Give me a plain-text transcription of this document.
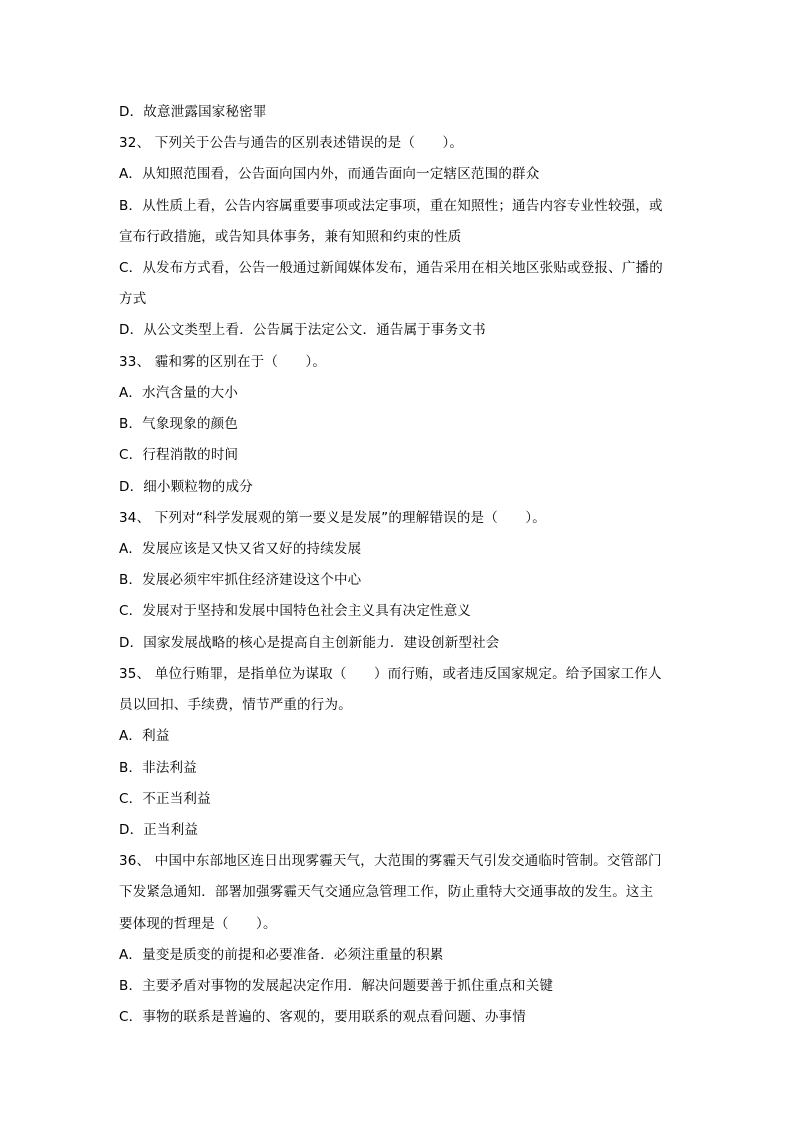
D．故意泄露国家秘密罪
32、 下列关于公告与通告的区别表述错误的是（　　）。
A．从知照范围看，公告面向国内外，而通告面向一定辖区范围的群众
B．从性质上看，公告内容属重要事项或法定事项，重在知照性；通告内容专业性较强，或
宣布行政措施，或告知具体事务，兼有知照和约束的性质
C．从发布方式看，公告一般通过新闻媒体发布，通告采用在相关地区张贴或登报、广播的
方式
D．从公文类型上看．公告属于法定公文．通告属于事务文书
33、 霾和雾的区别在于（　　）。
A．水汽含量的大小
B．气象现象的颜色
C．行程消散的时间
D．细小颗粒物的成分
34、 下列对“科学发展观的第一要义是发展”的理解错误的是（　　）。
A．发展应该是又快又省又好的持续发展
B．发展必须牢牢抓住经济建设这个中心
C．发展对于坚持和发展中国特色社会主义具有决定性意义
D．国家发展战略的核心是提高自主创新能力．建设创新型社会
35、 单位行贿罪，是指单位为谋取（　　）而行贿，或者违反国家规定。给予国家工作人
员以回扣、手续费，情节严重的行为。
A．利益
B．非法利益
C．不正当利益
D．正当利益
36、 中国中东部地区连日出现雾霾天气，大范围的雾霾天气引发交通临时管制。交管部门
下发紧急通知．部署加强雾霾天气交通应急管理工作，防止重特大交通事故的发生。这主
要体现的哲理是（　　）。
A．量变是质变的前提和必要准备．必须注重量的积累
B．主要矛盾对事物的发展起决定作用．解决问题要善于抓住重点和关键
C．事物的联系是普遍的、客观的，要用联系的观点看问题、办事情
